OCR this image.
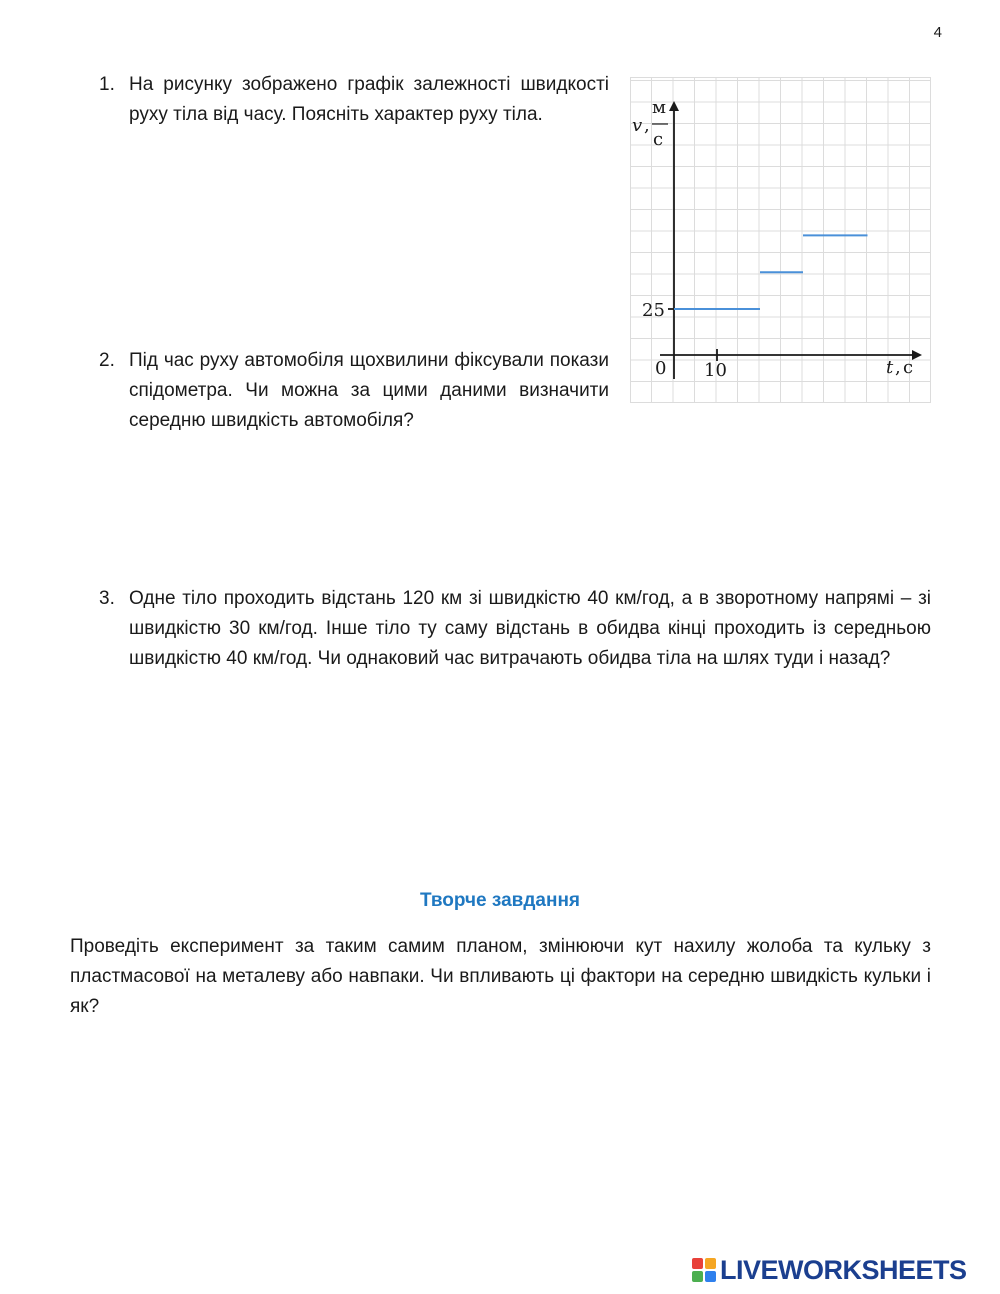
4
1. На рисунку зображено графік залежності швидкості руху тіла від часу. Поясніть характер руху тіла.

2. Під час руху автомобіля щохвилини фіксували покази спідометра. Чи можна за цими даними визначити середню швидкість автомобіля?

3. Одне тіло проходить відстань 120 км зі швидкістю 40 км/год, а в зворотному напрямі – зі швидкістю 30 км/год. Інше тіло ту саму відстань в обидва кінці проходить із середньою швидкістю 40 км/год. Чи однаковий час витрачають обидва тіла на шлях туди і назад?

v ,
м
с
25
0 10	t , с
Творче завдання

Проведіть експеримент за таким самим планом, змінюючи кут нахилу жолоба та кульку з пластмасової на металеву або навпаки. Чи впливають ці фактори на середню швидкість кульки і як?

LIVEWORKSHEETS
